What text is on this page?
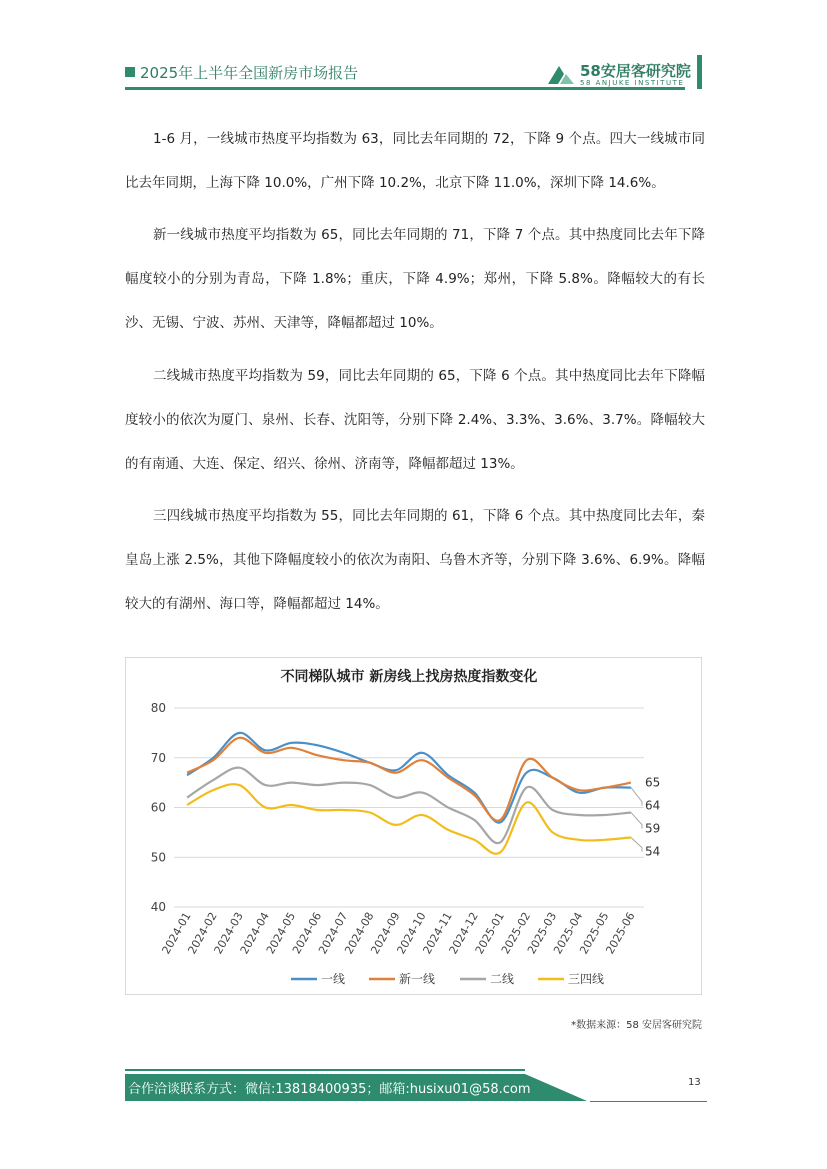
2025年上半年全国新房市场报告	58安居客研究院
58 ANJUKE INSTITUTE

1-6 月，一线城市热度平均指数为 63，同比去年同期的 72，下降 9 个点。四大一线城市同比去年同期，上海下降 10.0%，广州下降 10.2%，北京下降 11.0%，深圳下降 14.6%。

新一线城市热度平均指数为 65，同比去年同期的 71，下降 7 个点。其中热度同比去年下降幅度较小的分别为青岛，下降 1.8%；重庆，下降 4.9%；郑州，下降 5.8%。降幅较大的有长沙、无锡、宁波、苏州、天津等，降幅都超过 10%。

二线城市热度平均指数为 59，同比去年同期的 65，下降 6 个点。其中热度同比去年下降幅度较小的依次为厦门、泉州、长春、沈阳等，分别下降 2.4%、3.3%、3.6%、3.7%。降幅较大的有南通、大连、保定、绍兴、徐州、济南等，降幅都超过 13%。

三四线城市热度平均指数为 55，同比去年同期的 61，下降 6 个点。其中热度同比去年，秦皇岛上涨 2.5%，其他下降幅度较小的依次为南阳、乌鲁木齐等，分别下降 3.6%、6.9%。降幅较大的有湖州、海口等，降幅都超过 14%。

不同梯队城市 新房线上找房热度指数变化
40
50
60
70
80
2024-01
2024-02
2024-03
2024-04
2024-05
2024-06
2024-07
2024-08
2024-09
2024-10
2024-11
2024-12
2025-01
2025-02
2025-03
2025-04
2025-05
2025-06
65
64
59
54
一线	新一线	二线	三四线
*数据来源：58 安居客研究院
合作洽谈联系方式：微信:13818400935；邮箱:husixu01@58.com	13
